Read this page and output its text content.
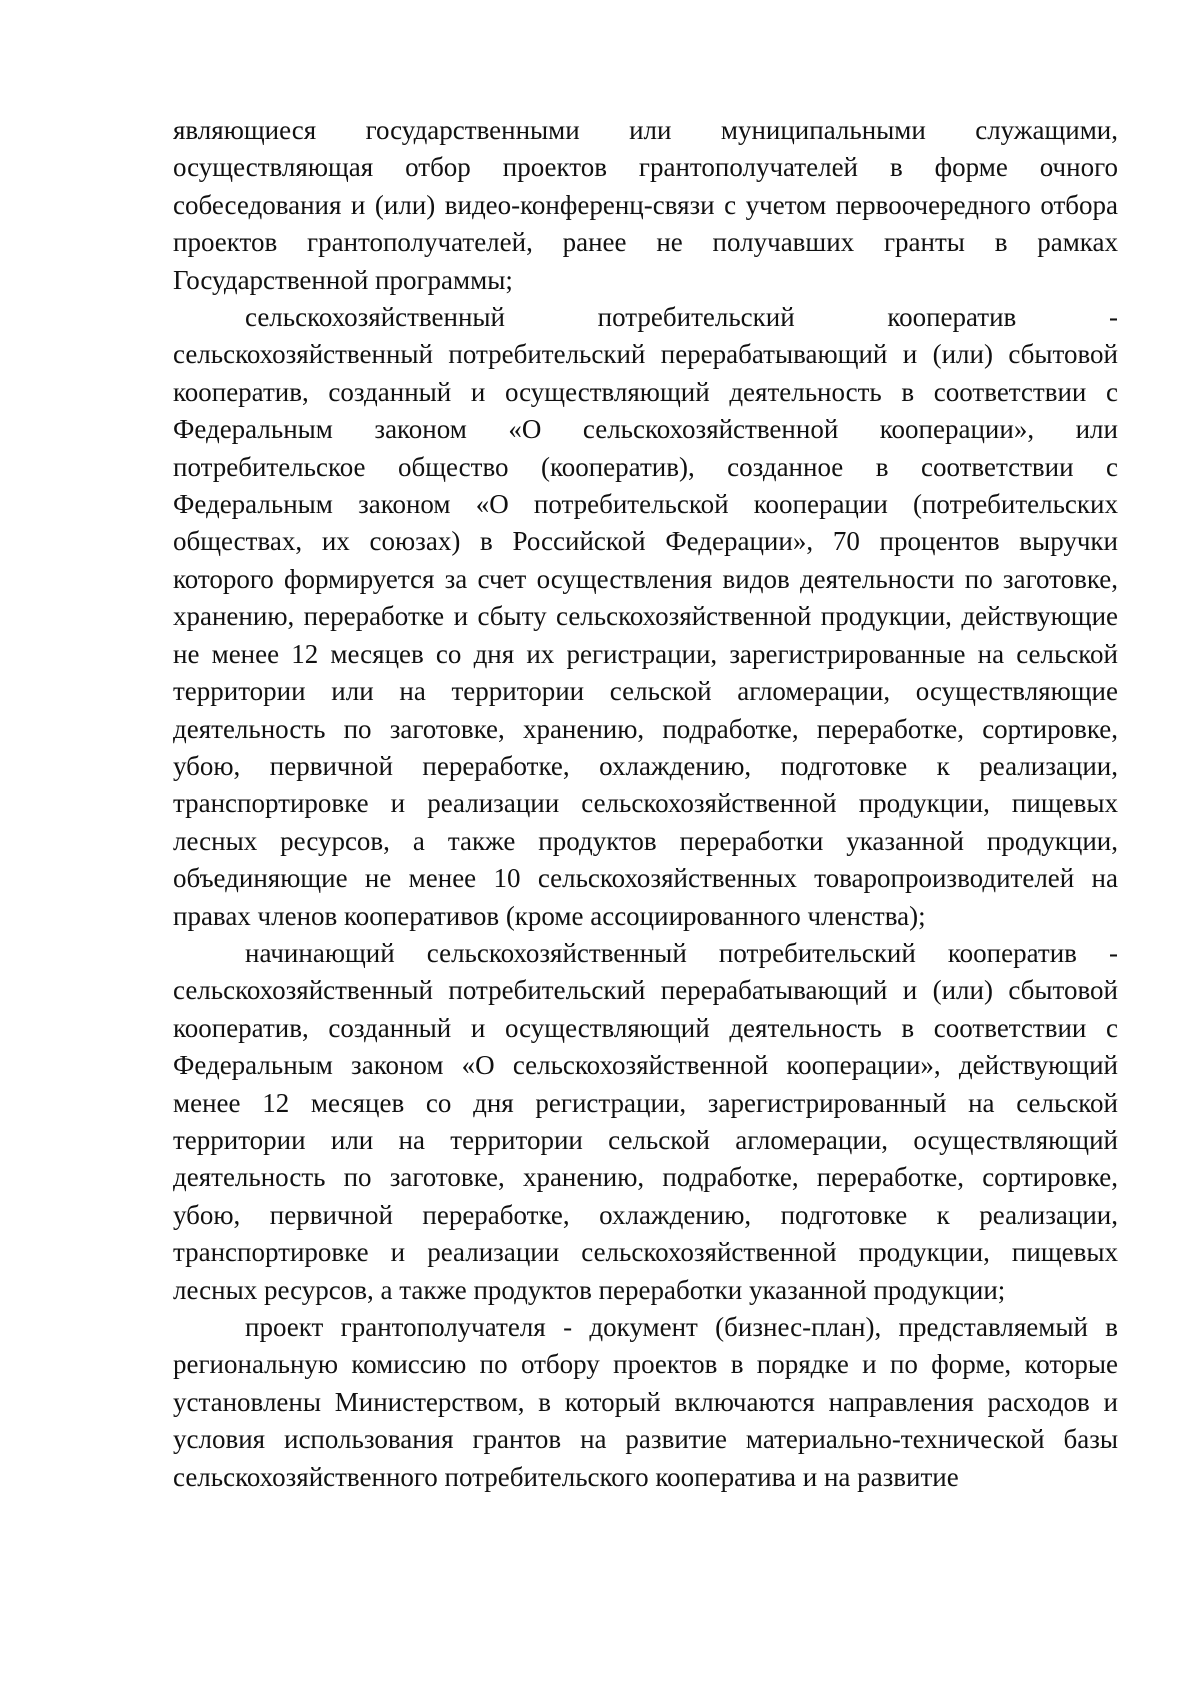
являющиеся государственными или муниципальными служащими, осуществляющая отбор проектов грантополучателей в форме очного собеседования и (или) видео-конференц-связи с учетом первоочередного отбора проектов грантополучателей, ранее не получавших гранты в рамках Государственной программы;

сельскохозяйственный потребительский кооператив - сельскохозяйственный потребительский перерабатывающий и (или) сбытовой кооператив, созданный и осуществляющий деятельность в соответствии с Федеральным законом «О сельскохозяйственной кооперации», или потребительское общество (кооператив), созданное в соответствии с Федеральным законом «О потребительской кооперации (потребительских обществах, их союзах) в Российской Федерации», 70 процентов выручки которого формируется за счет осуществления видов деятельности по заготовке, хранению, переработке и сбыту сельскохозяйственной продукции, действующие не менее 12 месяцев со дня их регистрации, зарегистрированные на сельской территории или на территории сельской агломерации, осуществляющие деятельность по заготовке, хранению, подработке, переработке, сортировке, убою, первичной переработке, охлаждению, подготовке к реализации, транспортировке и реализации сельскохозяйственной продукции, пищевых лесных ресурсов, а также продуктов переработки указанной продукции, объединяющие не менее 10 сельскохозяйственных товаропроизводителей на правах членов кооперативов (кроме ассоциированного членства);

начинающий сельскохозяйственный потребительский кооператив - сельскохозяйственный потребительский перерабатывающий и (или) сбытовой кооператив, созданный и осуществляющий деятельность в соответствии с Федеральным законом «О сельскохозяйственной кооперации», действующий менее 12 месяцев со дня регистрации, зарегистрированный на сельской территории или на территории сельской агломерации, осуществляющий деятельность по заготовке, хранению, подработке, переработке, сортировке, убою, первичной переработке, охлаждению, подготовке к реализации, транспортировке и реализации сельскохозяйственной продукции, пищевых лесных ресурсов, а также продуктов переработки указанной продукции;

проект грантополучателя - документ (бизнес-план), представляемый в региональную комиссию по отбору проектов в порядке и по форме, которые установлены Министерством, в который включаются направления расходов и условия использования грантов на развитие материально-технической базы сельскохозяйственного потребительского кооператива и на развитие
